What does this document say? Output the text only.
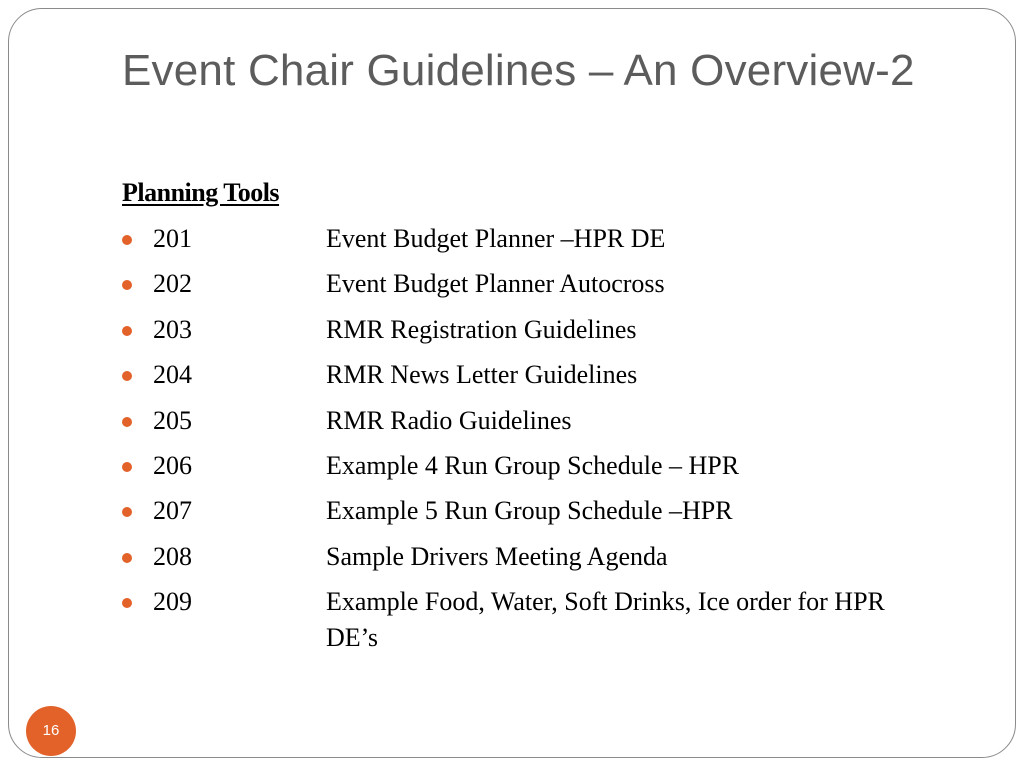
Event Chair Guidelines – An Overview-2
Planning Tools
201	Event Budget Planner –HPR DE
202	Event Budget Planner Autocross
203	RMR Registration Guidelines
204	RMR News Letter Guidelines
205	RMR Radio Guidelines
206	Example 4 Run Group Schedule – HPR
207	Example 5 Run Group Schedule –HPR
208	Sample Drivers Meeting Agenda
209	Example Food, Water, Soft Drinks, Ice order for HPR DE’s
16
